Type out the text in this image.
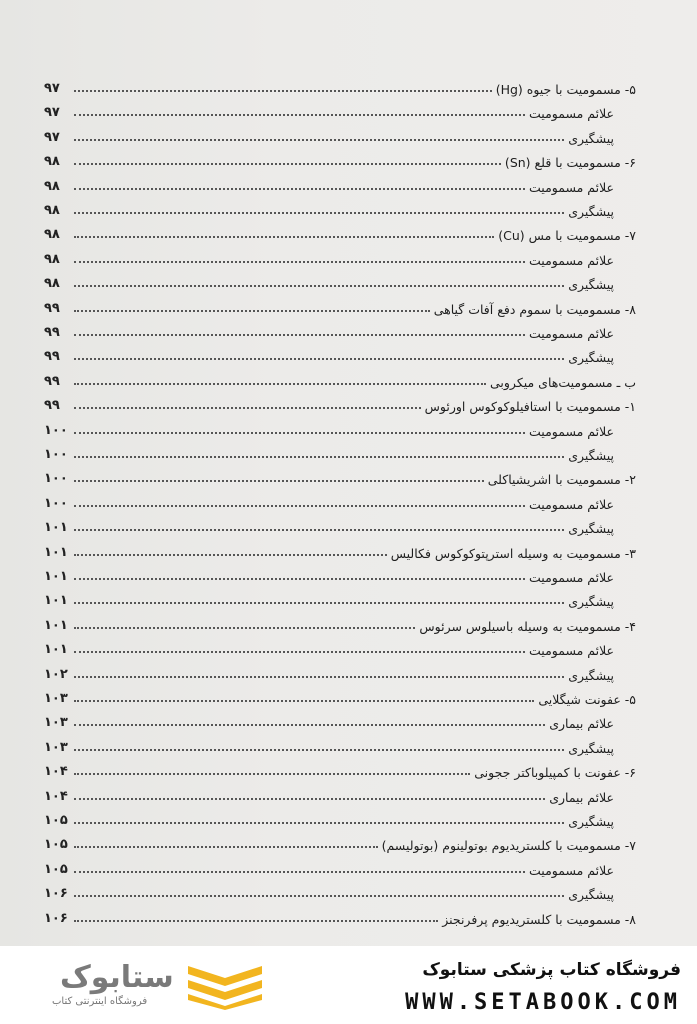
۹۷	۵- مسمومیت با جیوه (Hg)
۹۷	علائم مسمومیت
۹۷	پیشگیری
۹۸	۶- مسمومیت با قلع (Sn)
۹۸	علائم مسمومیت
۹۸	پیشگیری
۹۸	۷- مسمومیت با مس (Cu)
۹۸	علائم مسمومیت
۹۸	پیشگیری
۹۹	۸- مسمومیت با سموم دفع آفات گیاهی
۹۹	علائم مسمومیت
۹۹	پیشگیری
۹۹	ب ـ مسمومیت‌های میکروبی
۹۹	۱- مسمومیت با استافیلوکوکوس اورئوس
۱۰۰	علائم مسمومیت
۱۰۰	پیشگیری
۱۰۰	۲- مسمومیت با اشریشیاکلی
۱۰۰	علائم مسمومیت
۱۰۱	پیشگیری
۱۰۱	۳- مسمومیت به وسیله استرپتوکوکوس فکالیس
۱۰۱	علائم مسمومیت
۱۰۱	پیشگیری
۱۰۱	۴- مسمومیت به وسیله باسیلوس سرئوس
۱۰۱	علائم مسمومیت
۱۰۲	پیشگیری
۱۰۳	۵- عفونت شیگلایی
۱۰۳	علائم بیماری
۱۰۳	پیشگیری
۱۰۴	۶- عفونت با کمپیلوباکتر ججونی
۱۰۴	علائم بیماری
۱۰۵	پیشگیری
۱۰۵	۷- مسمومیت با کلستریدیوم بوتولینوم (بوتولیسم)
۱۰۵	علائم مسمومیت
۱۰۶	پیشگیری
۱۰۶	۸- مسمومیت با کلستریدیوم پرفرنجنز
ستابوک
فروشگاه اینترنتی کتاب
فروشگاه کتاب پزشکی ستابوک
WWW.SETABOOK.COM
